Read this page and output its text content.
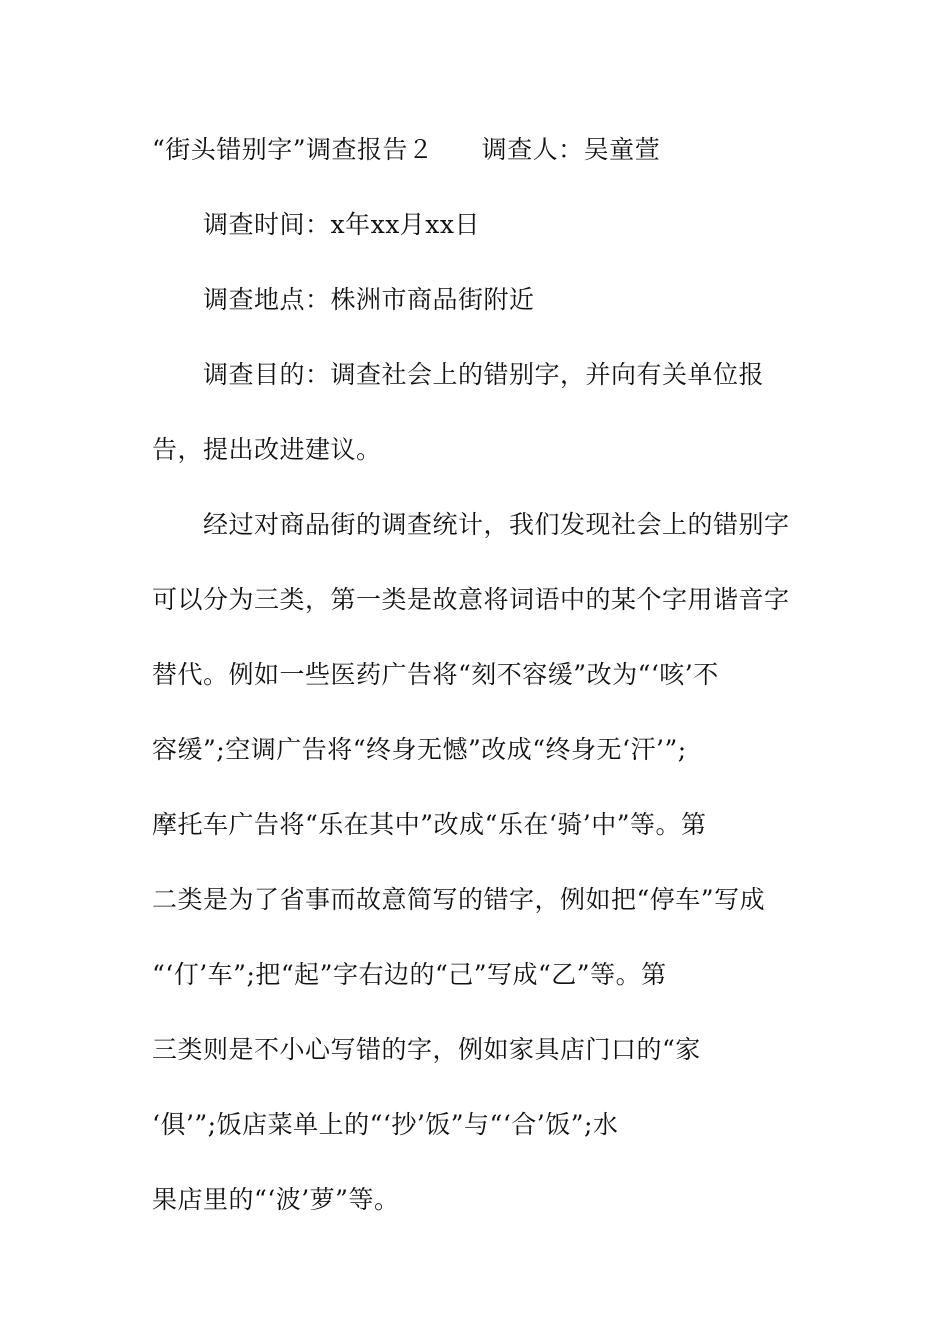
“街头错别字”调查报告２ 调查人：吴童萱
调查时间：x年xx月xx日
调查地点：株洲市商品街附近
调查目的：调查社会上的错别字，并向有关单位报
告，提出改进建议。
经过对商品街的调查统计，我们发现社会上的错别字
可以分为三类，第一类是故意将词语中的某个字用谐音字
替代。例如一些医药广告将“刻不容缓”改为“‘咳’不
容缓”;空调广告将“终身无憾”改成“终身无‘汗’”;
摩托车广告将“乐在其中”改成“乐在‘骑’中”等。第
二类是为了省事而故意简写的错字，例如把“停车”写成
“‘仃’车”;把“起”字右边的“己”写成“乙”等。第
三类则是不小心写错的字，例如家具店门口的“家
‘俱’”;饭店菜单上的“‘抄’饭”与“‘合’饭”;水
果店里的“‘波’萝”等。
